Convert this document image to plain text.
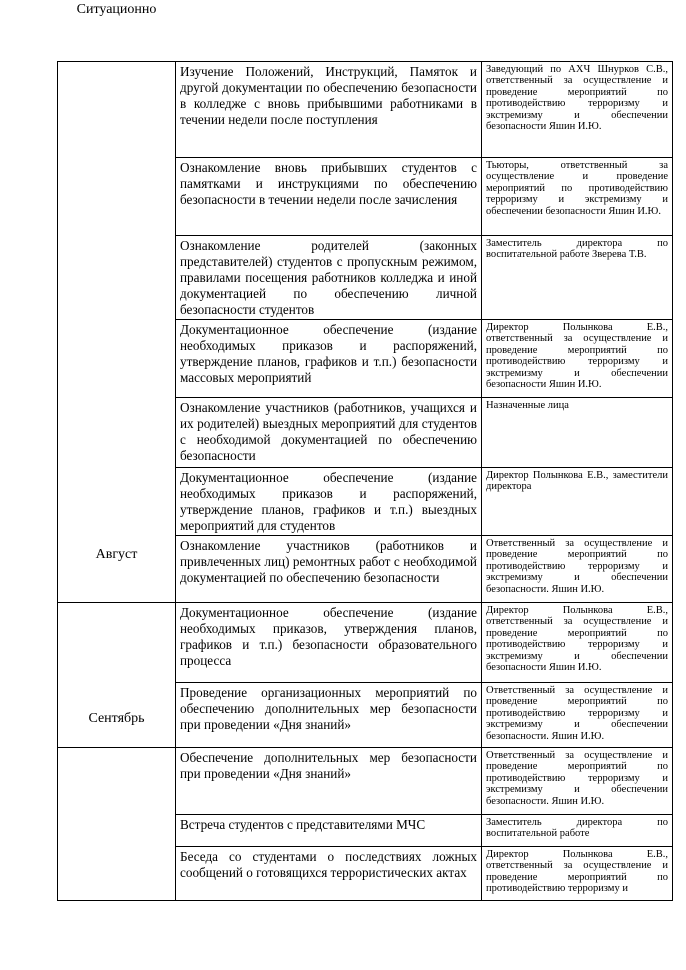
Ситуационно	Изучение Положений, Инструкций, Памяток и другой документации по обеспечению безопасности в колледже с вновь прибывшими работниками в течении недели после поступления	Заведующий по АХЧ Шнурков С.В., ответственный за осуществление и проведение мероприятий по противодействию терроризму и экстремизму и обеспечении безопасности Яшин И.Ю.
	Ознакомление вновь прибывших студентов с памятками и инструкциями по обеспечению безопасности в течении недели после зачисления	Тьюторы, ответственный за осуществление и проведение мероприятий по противодействию терроризму и экстремизму и обеспечении безопасности Яшин И.Ю.
	Ознакомление родителей (законных представителей) студентов с пропускным режимом, правилами посещения работников колледжа и иной документацией по обеспечению личной безопасности студентов	Заместитель директора по воспитательной работе Зверева Т.В.
	Документационное обеспечение (издание необходимых приказов и распоряжений, утверждение планов, графиков и т.п.) безопасности массовых мероприятий	Директор Полынкова Е.В., ответственный за осуществление и проведение мероприятий по противодействию терроризму и экстремизму и обеспечении безопасности Яшин И.Ю.
	Ознакомление участников (работников, учащихся и их родителей) выездных мероприятий для студентов с необходимой документацией по обеспечению безопасности	Назначенные лица
	Документационное обеспечение (издание необходимых приказов и распоряжений, утверждение планов, графиков и т.п.) выездных мероприятий для студентов	Директор Полынкова Е.В., заместители директора
	Ознакомление участников (работников и привлеченных лиц) ремонтных работ с необходимой документацией по обеспечению безопасности	Ответственный за осуществление и проведение мероприятий по противодействию терроризму и экстремизму и обеспечении безопасности. Яшин И.Ю.
Август	Документационное обеспечение (издание необходимых приказов, утверждения планов, графиков и т.п.) безопасности образовательного процесса	Директор Полынкова Е.В., ответственный за осуществление и проведение мероприятий по противодействию терроризму и экстремизму и обеспечении безопасности Яшин И.Ю.
	Проведение организационных мероприятий по обеспечению дополнительных мер безопасности при проведении «Дня знаний»	Ответственный за осуществление и проведение мероприятий по противодействию терроризму и экстремизму и обеспечении безопасности. Яшин И.Ю.
Сентябрь	Обеспечение дополнительных мер безопасности при проведении «Дня знаний»	Ответственный за осуществление и проведение мероприятий по противодействию терроризму и экстремизму и обеспечении безопасности. Яшин И.Ю.
	Встреча студентов с представителями МЧС	Заместитель директора по воспитательной работе
	Беседа со студентами о последствиях ложных сообщений о готовящихся террористических актах	Директор Полынкова Е.В., ответственный за осуществление и проведение мероприятий по противодействию терроризму и
